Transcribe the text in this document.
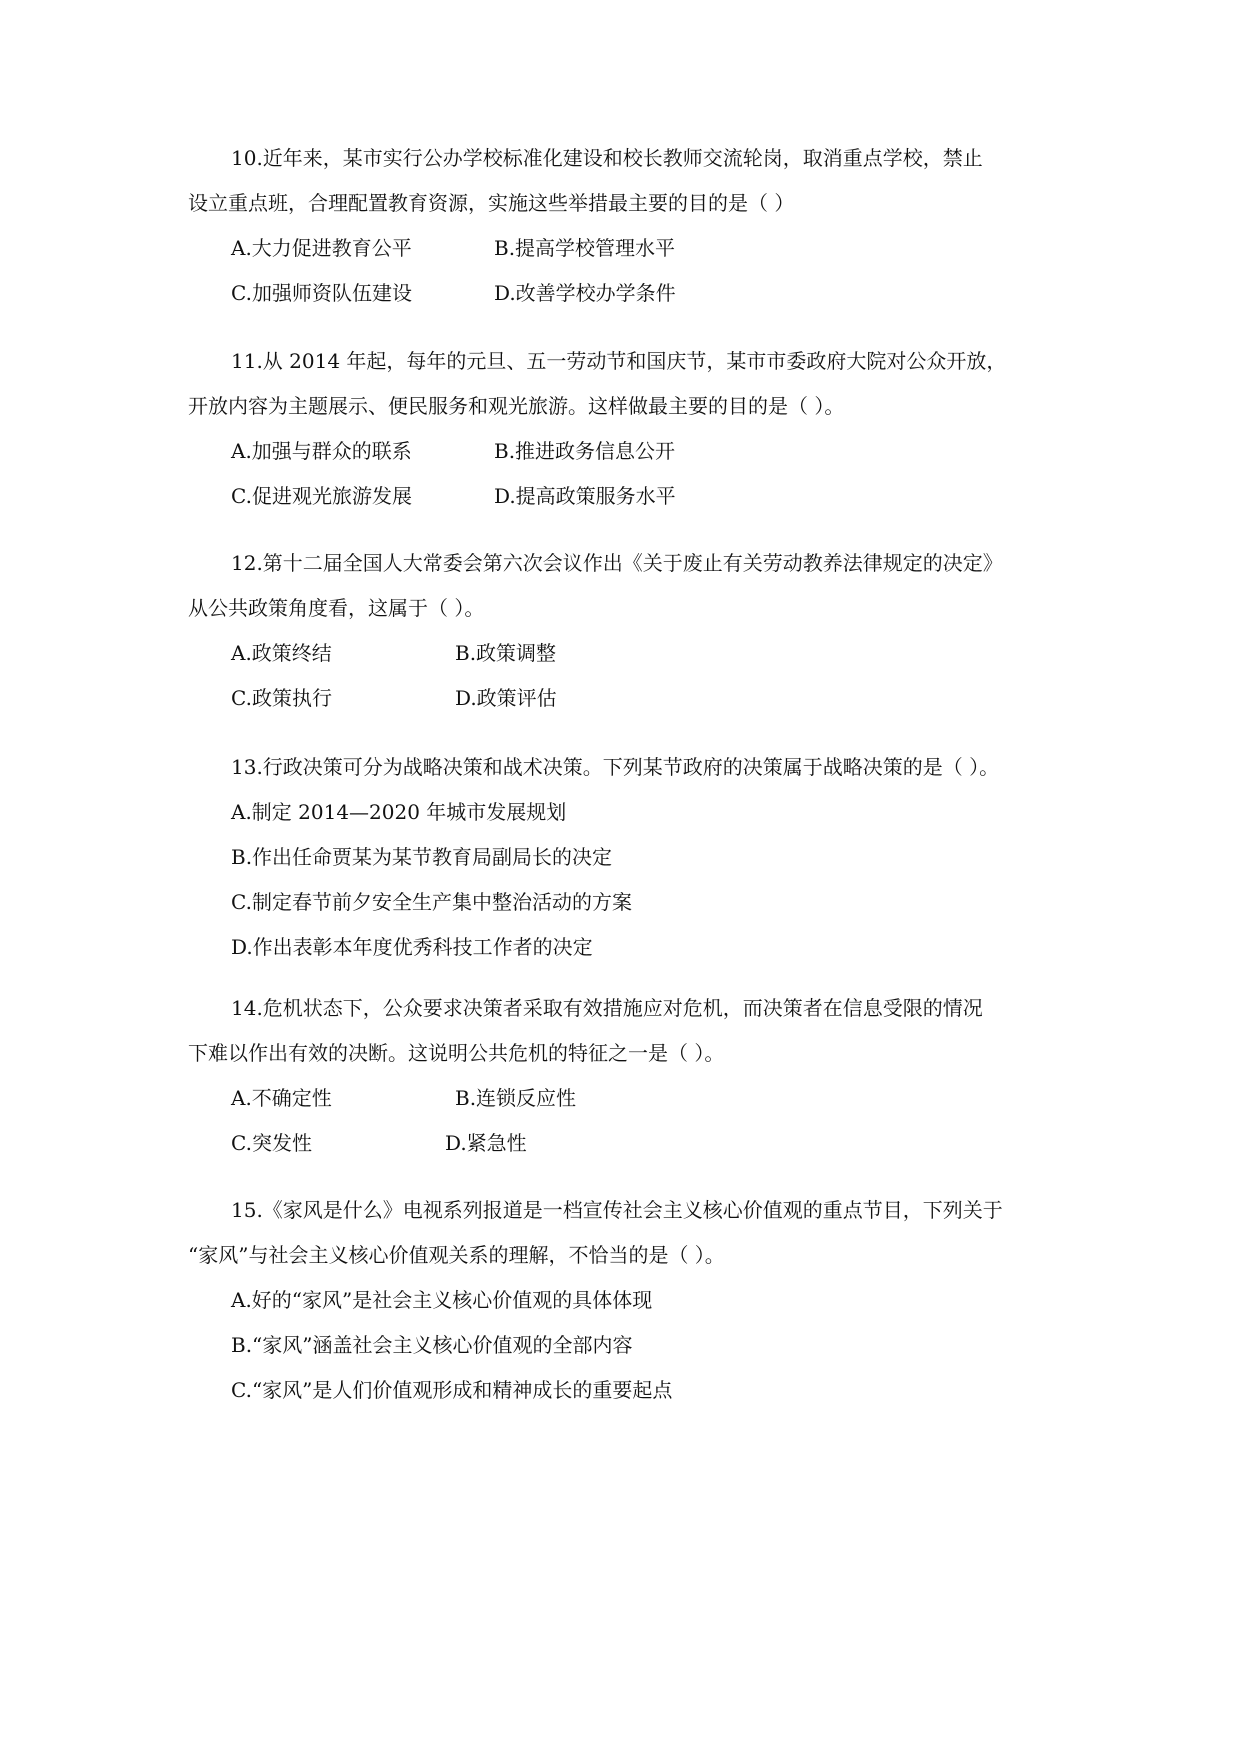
10.近年来，某市实行公办学校标准化建设和校长教师交流轮岗，取消重点学校，禁止
设立重点班，合理配置教育资源，实施这些举措最主要的目的是（ ）
A.大力促进教育公平	B.提高学校管理水平
C.加强师资队伍建设	D.改善学校办学条件
11.从 2014 年起，每年的元旦、五一劳动节和国庆节，某市市委政府大院对公众开放，
开放内容为主题展示、便民服务和观光旅游。这样做最主要的目的是（ ）。
A.加强与群众的联系	B.推进政务信息公开
C.促进观光旅游发展	D.提高政策服务水平
12.第十二届全国人大常委会第六次会议作出《关于废止有关劳动教养法律规定的决定》
从公共政策角度看，这属于（ ）。
A.政策终结	B.政策调整
C.政策执行	D.政策评估
13.行政决策可分为战略决策和战术决策。下列某节政府的决策属于战略决策的是（ ）。
A.制定 2014—2020 年城市发展规划
B.作出任命贾某为某节教育局副局长的决定
C.制定春节前夕安全生产集中整治活动的方案
D.作出表彰本年度优秀科技工作者的决定
14.危机状态下，公众要求决策者采取有效措施应对危机，而决策者在信息受限的情况
下难以作出有效的决断。这说明公共危机的特征之一是（ ）。
A.不确定性	B.连锁反应性
C.突发性	D.紧急性
15.《家风是什么》电视系列报道是一档宣传社会主义核心价值观的重点节目，下列关于
“家风”与社会主义核心价值观关系的理解，不恰当的是（ ）。
A.好的“家风”是社会主义核心价值观的具体体现
B.“家风”涵盖社会主义核心价值观的全部内容
C.“家风”是人们价值观形成和精神成长的重要起点
